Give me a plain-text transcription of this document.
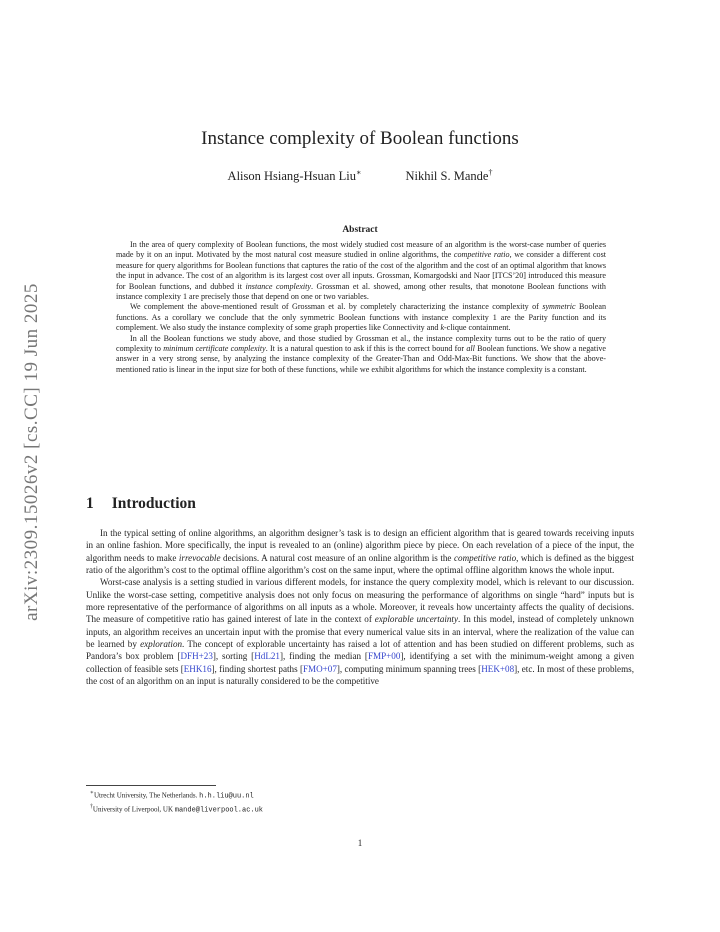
arXiv:2309.15026v2 [cs.CC] 19 Jun 2025
Instance complexity of Boolean functions
Alison Hsiang-Hsuan Liu∗	Nikhil S. Mande†
Abstract

In the area of query complexity of Boolean functions, the most widely studied cost measure of an algorithm is the worst-case number of queries made by it on an input. Motivated by the most natural cost measure studied in online algorithms, the competitive ratio, we consider a different cost measure for query algorithms for Boolean functions that captures the ratio of the cost of the algorithm and the cost of an optimal algorithm that knows the input in advance. The cost of an algorithm is its largest cost over all inputs. Grossman, Komargodski and Naor [ITCS’20] introduced this measure for Boolean functions, and dubbed it instance complexity. Grossman et al. showed, among other results, that monotone Boolean functions with instance complexity 1 are precisely those that depend on one or two variables.

We complement the above-mentioned result of Grossman et al. by completely characterizing the instance complexity of symmetric Boolean functions. As a corollary we conclude that the only symmetric Boolean functions with instance complexity 1 are the Parity function and its complement. We also study the instance complexity of some graph properties like Connectivity and k-clique containment.

In all the Boolean functions we study above, and those studied by Grossman et al., the instance complexity turns out to be the ratio of query complexity to minimum certificate complexity. It is a natural question to ask if this is the correct bound for all Boolean functions. We show a negative answer in a very strong sense, by analyzing the instance complexity of the Greater-Than and Odd-Max-Bit functions. We show that the above-mentioned ratio is linear in the input size for both of these functions, while we exhibit algorithms for which the instance complexity is a constant.

1 Introduction

In the typical setting of online algorithms, an algorithm designer’s task is to design an efficient algorithm that is geared towards receiving inputs in an online fashion. More specifically, the input is revealed to an (online) algorithm piece by piece. On each revelation of a piece of the input, the algorithm needs to make irrevocable decisions. A natural cost measure of an online algorithm is the competitive ratio, which is defined as the biggest ratio of the algorithm’s cost to the optimal offline algorithm’s cost on the same input, where the optimal offline algorithm knows the whole input.

Worst-case analysis is a setting studied in various different models, for instance the query complexity model, which is relevant to our discussion. Unlike the worst-case setting, competitive analysis does not only focus on measuring the performance of algorithms on single “hard” inputs but is more representative of the performance of algorithms on all inputs as a whole. Moreover, it reveals how uncertainty affects the quality of decisions. The measure of competitive ratio has gained interest of late in the context of explorable uncertainty. In this model, instead of completely unknown inputs, an algorithm receives an uncertain input with the promise that every numerical value sits in an interval, where the realization of the value can be learned by exploration. The concept of explorable uncertainty has raised a lot of attention and has been studied on different problems, such as Pandora’s box problem [DFH+23], sorting [HdL21], finding the median [FMP+00], identifying a set with the minimum-weight among a given collection of feasible sets [EHK16], finding shortest paths [FMO+07], computing minimum spanning trees [HEK+08], etc. In most of these problems, the cost of an algorithm on an input is naturally considered to be the competitive

∗Utrecht University, The Netherlands. h.h.liu@uu.nl
†University of Liverpool, UK mande@liverpool.ac.uk
1
